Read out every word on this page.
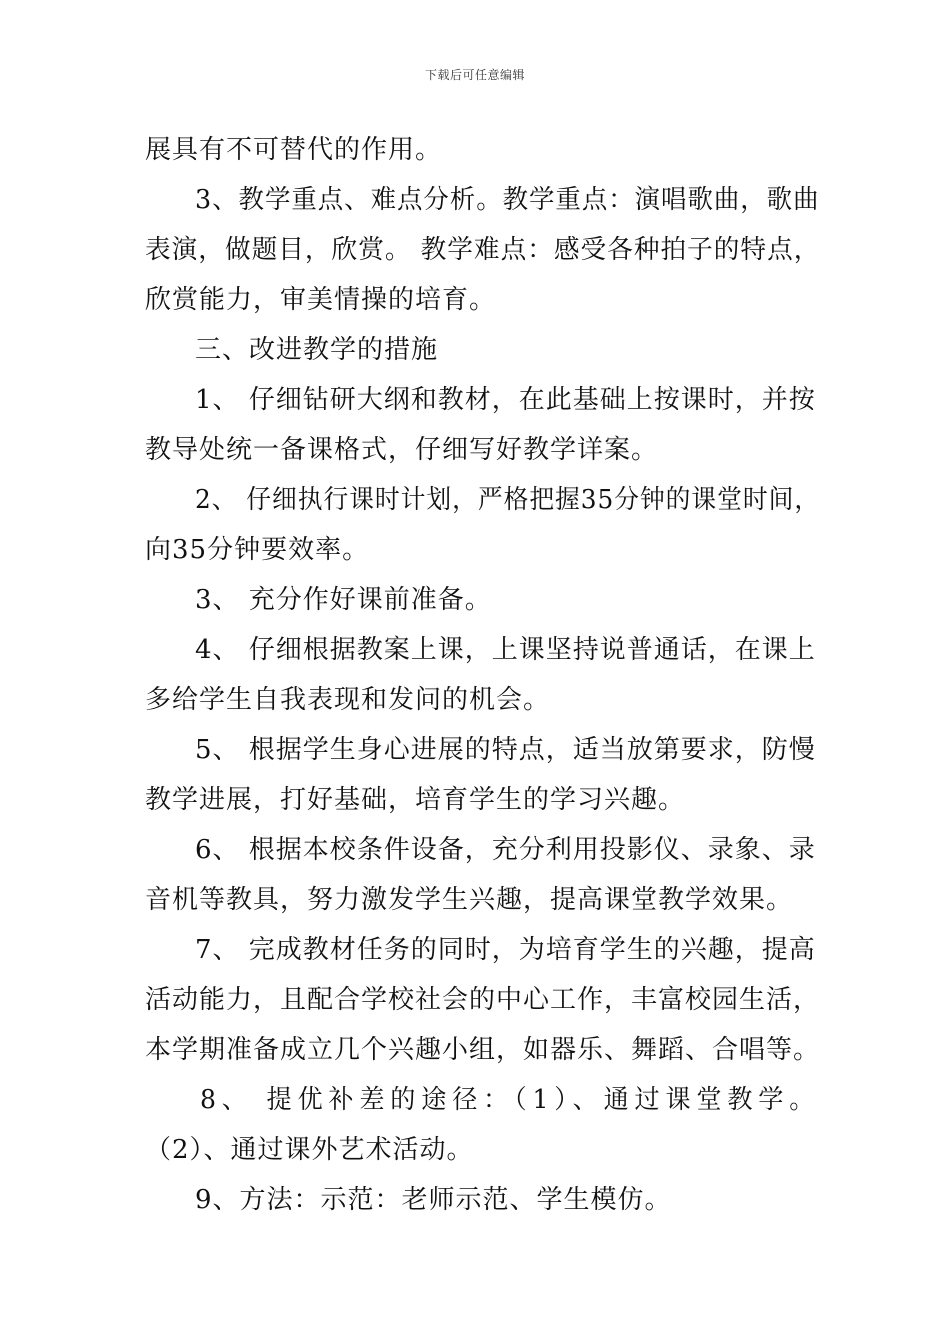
下载后可任意编辑
展具有不可替代的作用。
3、教学重点、难点分析。教学重点：演唱歌曲，歌曲
表演，做题目，欣赏。 教学难点：感受各种拍子的特点，
欣赏能力，审美情操的培育。
三、改进教学的措施
1、 仔细钻研大纲和教材，在此基础上按课时，并按
教导处统一备课格式，仔细写好教学详案。
2、 仔细执行课时计划，严格把握35分钟的课堂时间，
向35分钟要效率。
3、 充分作好课前准备。
4、 仔细根据教案上课，上课坚持说普通话，在课上
多给学生自我表现和发问的机会。
5、 根据学生身心进展的特点，适当放第要求，防慢
教学进展，打好基础，培育学生的学习兴趣。
6、 根据本校条件设备，充分利用投影仪、录象、录
音机等教具，努力激发学生兴趣，提高课堂教学效果。
7、 完成教材任务的同时，为培育学生的兴趣，提高
活动能力，且配合学校社会的中心工作，丰富校园生活，
本学期准备成立几个兴趣小组，如器乐、舞蹈、合唱等。
8、 提优补差的途径：（1）、通过课堂教学。
（2）、通过课外艺术活动。
9、方法：示范：老师示范、学生模仿。
